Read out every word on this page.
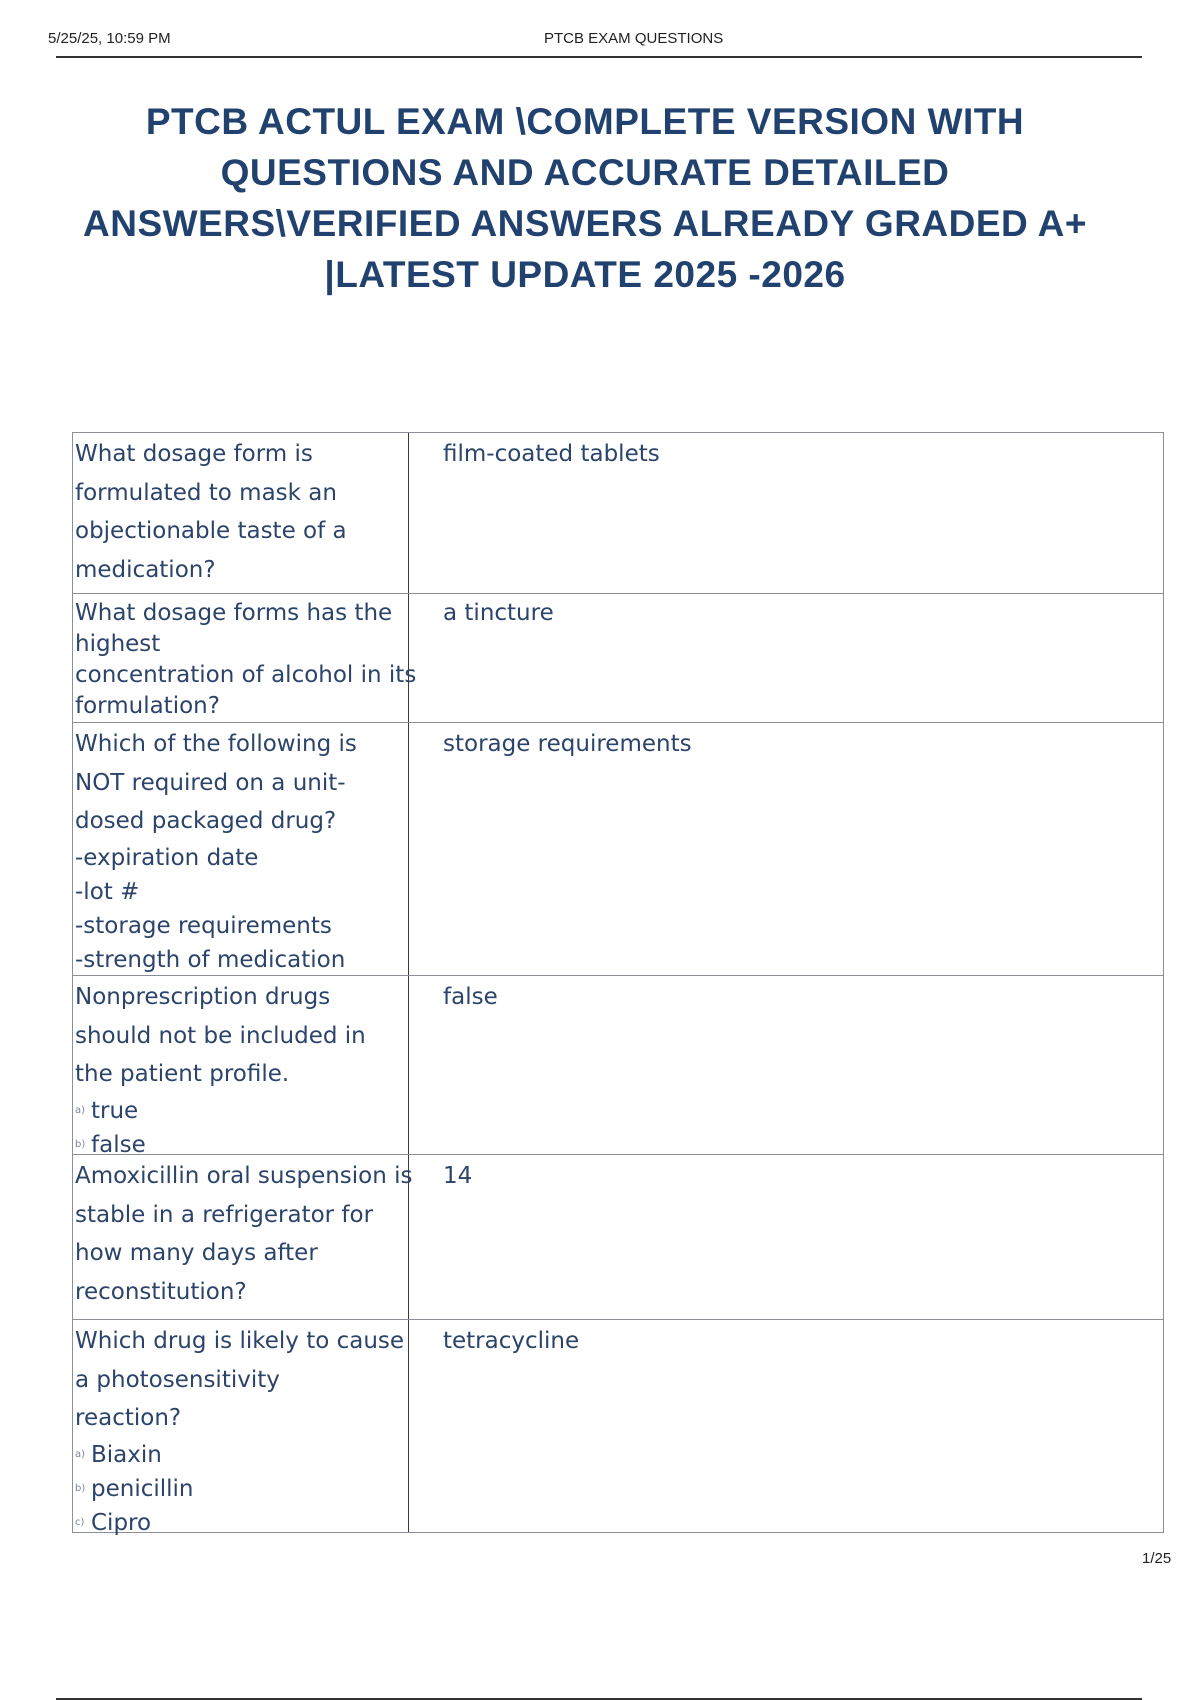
5/25/25, 10:59 PM	PTCB EXAM QUESTIONS
PTCB ACTUL EXAM \COMPLETE VERSION WITH
QUESTIONS AND ACCURATE DETAILED
ANSWERS\VERIFIED ANSWERS ALREADY GRADED A+
|LATEST UPDATE 2025 -2026
What dosage form is
formulated to mask an
objectionable taste of a
medication?
film-coated tablets
What dosage forms has the
highest
concentration of alcohol in its
formulation?
a tincture
Which of the following is
NOT required on a unit-
dosed packaged drug?
-expiration date
-lot #
-storage requirements
-strength of medication
storage requirements
Nonprescription drugs
should not be included in
the patient profile.
a) true
b) false
false
Amoxicillin oral suspension is
stable in a refrigerator for
how many days after
reconstitution?
14
Which drug is likely to cause
a photosensitivity
reaction?
a) Biaxin
b) penicillin
c) Cipro
tetracycline
1/25
